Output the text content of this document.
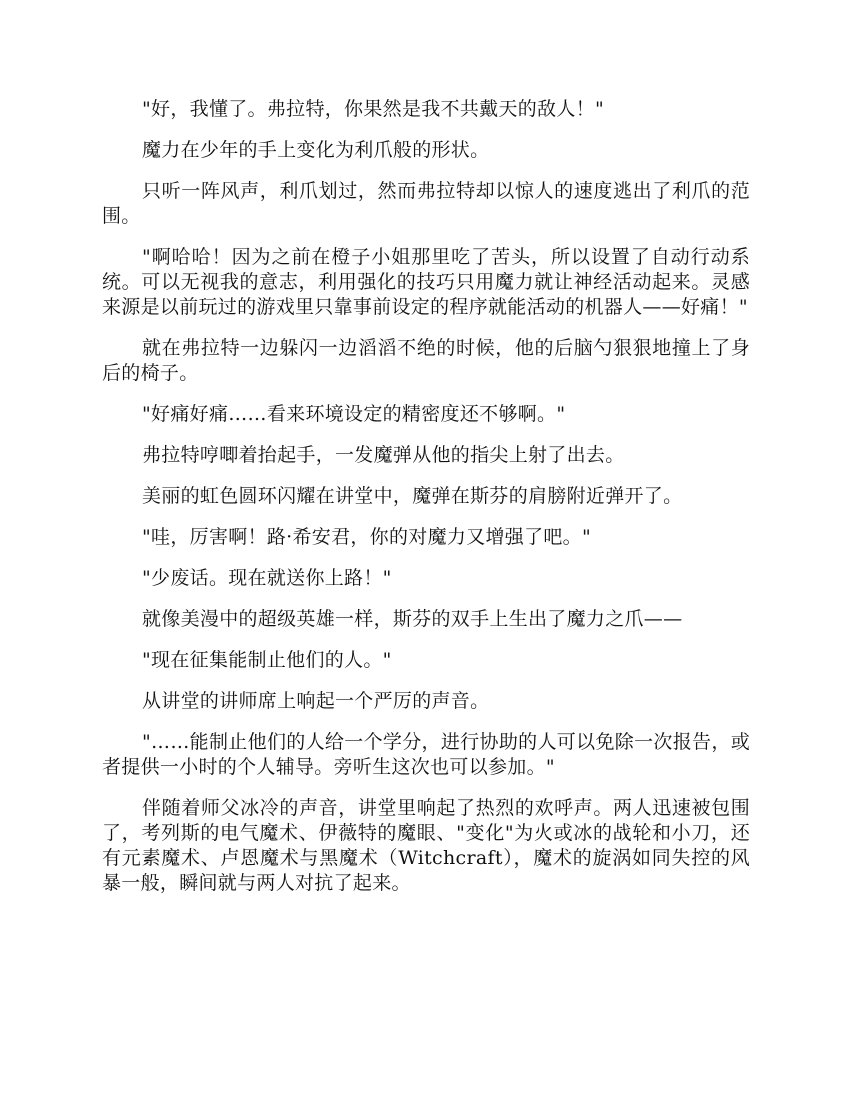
"好，我懂了。弗拉特，你果然是我不共戴天的敌人！"

魔力在少年的手上变化为利爪般的形状。

只听一阵风声，利爪划过，然而弗拉特却以惊人的速度逃出了利爪的范围。

"啊哈哈！因为之前在橙子小姐那里吃了苦头，所以设置了自动行动系统。可以无视我的意志，利用强化的技巧只用魔力就让神经活动起来。灵感来源是以前玩过的游戏里只靠事前设定的程序就能活动的机器人——好痛！"

就在弗拉特一边躲闪一边滔滔不绝的时候，他的后脑勺狠狠地撞上了身后的椅子。

"好痛好痛……看来环境设定的精密度还不够啊。"

弗拉特哼唧着抬起手，一发魔弹从他的指尖上射了出去。

美丽的虹色圆环闪耀在讲堂中，魔弹在斯芬的肩膀附近弹开了。

"哇，厉害啊！路·希安君，你的对魔力又增强了吧。"

"少废话。现在就送你上路！"

就像美漫中的超级英雄一样，斯芬的双手上生出了魔力之爪——

"现在征集能制止他们的人。"

从讲堂的讲师席上响起一个严厉的声音。

"……能制止他们的人给一个学分，进行协助的人可以免除一次报告，或者提供一小时的个人辅导。旁听生这次也可以参加。"

伴随着师父冰冷的声音，讲堂里响起了热烈的欢呼声。两人迅速被包围了，考列斯的电气魔术、伊薇特的魔眼、"变化"为火或冰的战轮和小刀，还有元素魔术、卢恩魔术与黑魔术（Witchcraft），魔术的旋涡如同失控的风暴一般，瞬间就与两人对抗了起来。
